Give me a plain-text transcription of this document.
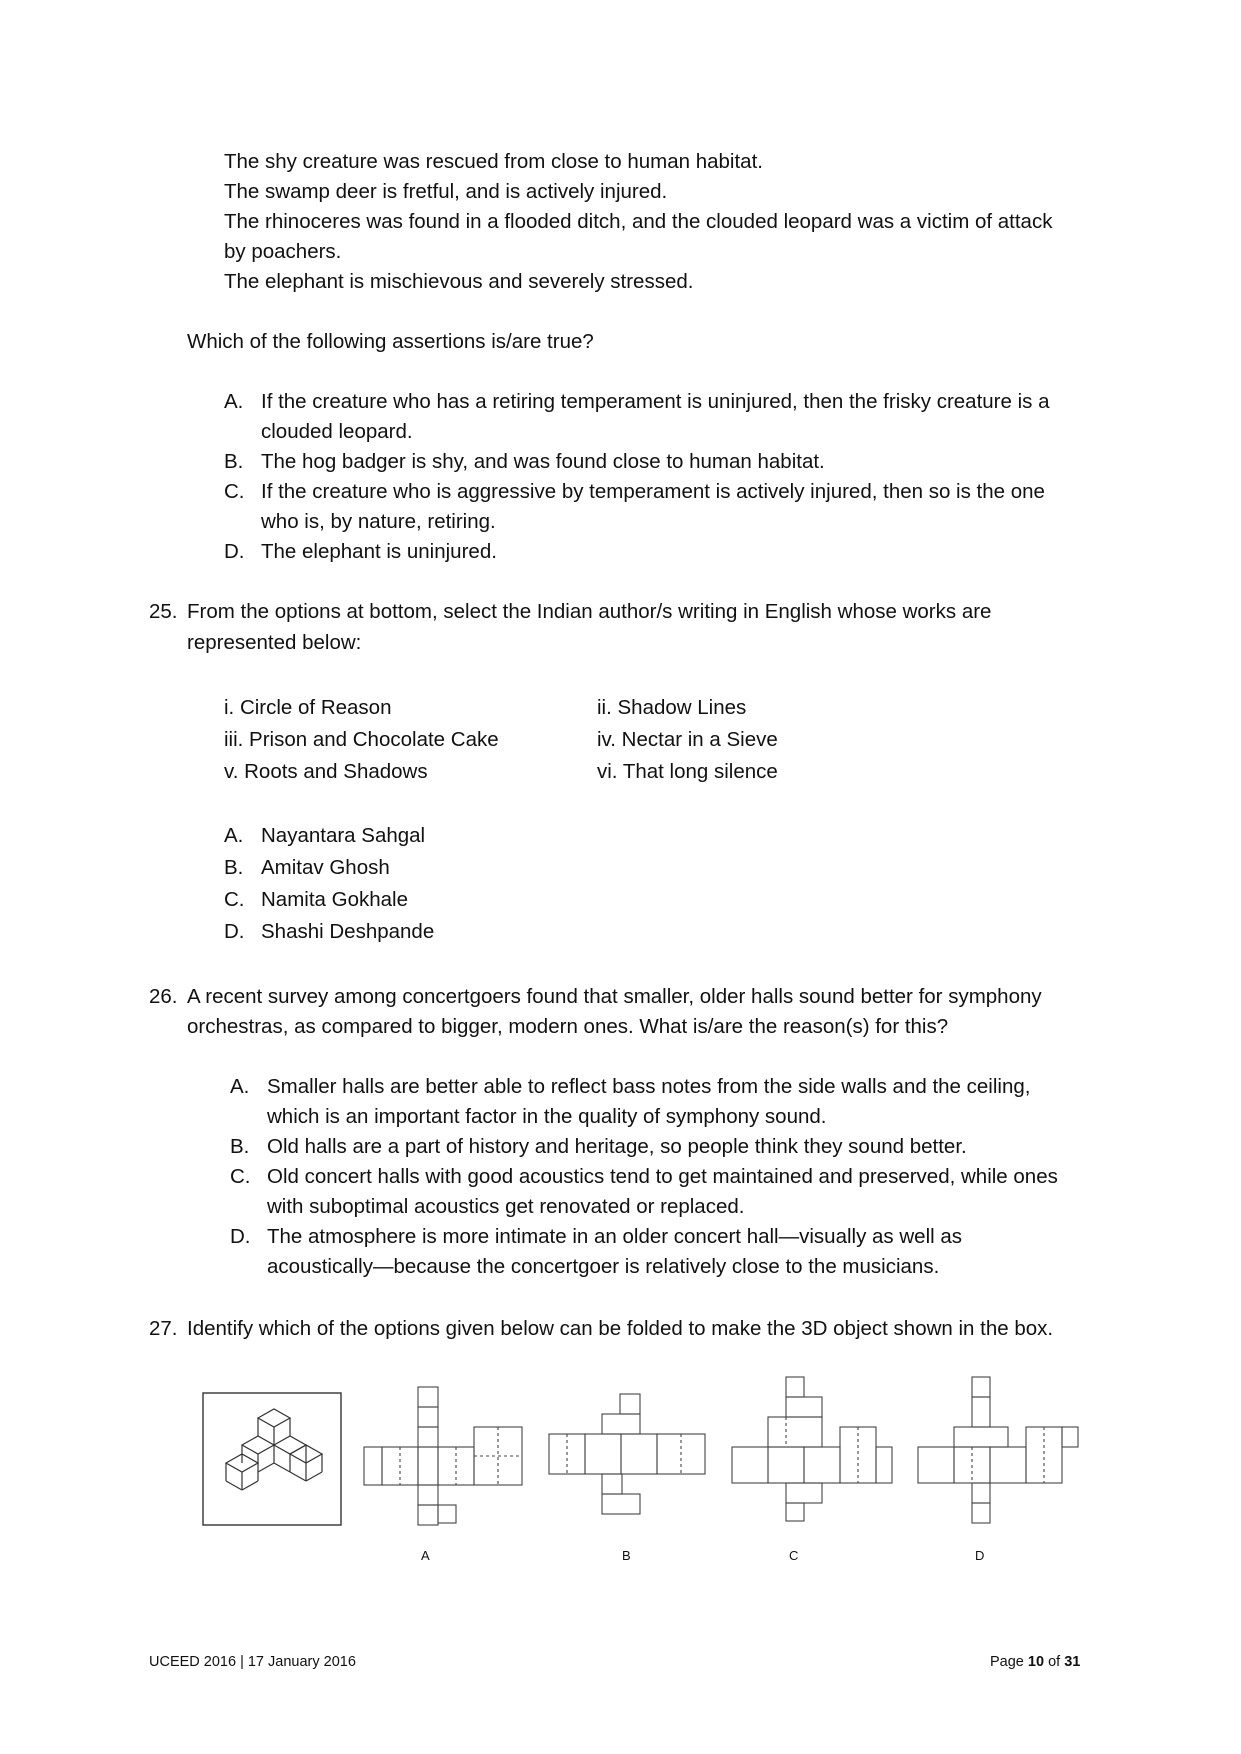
The shy creature was rescued from close to human habitat.
The swamp deer is fretful, and is actively injured.
The rhinoceres was found in a flooded ditch, and the clouded leopard was a victim of attack
by poachers.
The elephant is mischievous and severely stressed.
Which of the following assertions is/are true?
A. If the creature who has a retiring temperament is uninjured, then the frisky creature is a
clouded leopard.
B. The hog badger is shy, and was found close to human habitat.
C. If the creature who is aggressive by temperament is actively injured, then so is the one
who is, by nature, retiring.
D. The elephant is uninjured.
25. From the options at bottom, select the Indian author/s writing in English whose works are
represented below:
i. Circle of Reason	ii. Shadow Lines
iii. Prison and Chocolate Cake	iv. Nectar in a Sieve
v. Roots and Shadows	vi. That long silence
A. Nayantara Sahgal
B. Amitav Ghosh
C. Namita Gokhale
D. Shashi Deshpande
26. A recent survey among concertgoers found that smaller, older halls sound better for symphony
orchestras, as compared to bigger, modern ones. What is/are the reason(s) for this?
A. Smaller halls are better able to reflect bass notes from the side walls and the ceiling,
which is an important factor in the quality of symphony sound.
B. Old halls are a part of history and heritage, so people think they sound better.
C. Old concert halls with good acoustics tend to get maintained and preserved, while ones
with suboptimal acoustics get renovated or replaced.
D. The atmosphere is more intimate in an older concert hall—visually as well as
acoustically—because the concertgoer is relatively close to the musicians.
27. Identify which of the options given below can be folded to make the 3D object shown in the box.
A	B	C	D
UCEED 2016 | 17 January 2016	Page 10 of 31
